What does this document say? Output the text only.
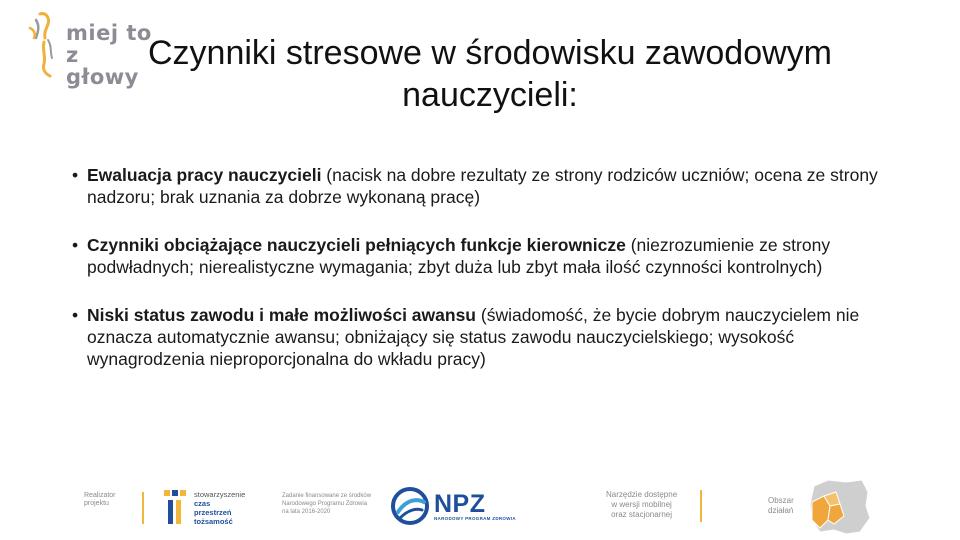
miej to
z głowy
Czynniki stresowe w środowisku zawodowym
nauczycieli:

• Ewaluacja pracy nauczycieli (nacisk na dobre rezultaty ze strony rodziców uczniów; ocena ze strony nadzoru; brak uznania za dobrze wykonaną pracę)

• Czynniki obciążające nauczycieli pełniących funkcje kierownicze (niezrozumienie ze strony podwładnych; nierealistyczne wymagania; zbyt duża lub zbyt mała ilość czynności kontrolnych)

• Niski status zawodu i małe możliwości awansu (świadomość, że bycie dobrym nauczycielem nie oznacza automatycznie awansu; obniżający się status zawodu nauczycielskiego; wysokość wynagrodzenia nieproporcjonalna do wkładu pracy)

Realizator
projektu
stowarzyszenie
czas
przestrzeń
tożsamość
Zadanie finansowane ze środków
Narodowego Programu Zdrowia
na lata 2016-2020	NPZ
NARODOWY PROGRAM ZDROWIA
Narzędzie dostępne
w wersji mobilnej
oraz stacjonarnej
Obszar
działań
